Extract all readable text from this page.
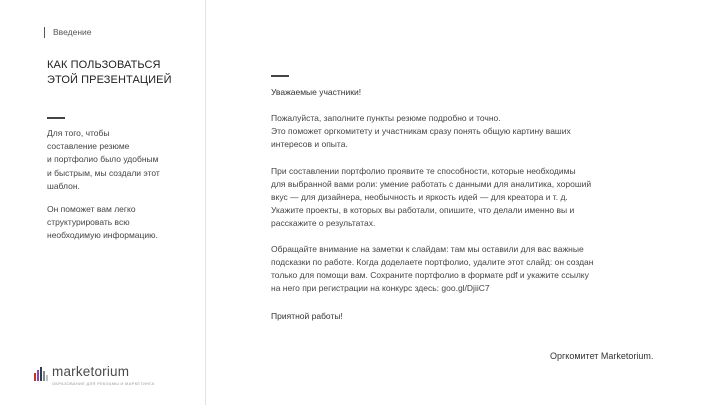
Введение
КАК ПОЛЬЗОВАТЬСЯ
ЭТОЙ ПРЕЗЕНТАЦИЕЙ
Для того, чтобы
составление резюме
и портфолио было удобным
и быстрым, мы создали этот
шаблон.
Он поможет вам легко
структурировать всю
необходимую информацию.
marketorium
ОБРАЗОВАНИЕ ДЛЯ РЕКЛАМЫ И МАРКЕТИНГА
Уважаемые участники!
Пожалуйста, заполните пункты резюме подробно и точно.
Это поможет оргкомитету и участникам сразу понять общую картину ваших
интересов и опыта.
При составлении портфолио проявите те способности, которые необходимы
для выбранной вами роли: умение работать с данными для аналитика, хороший
вкус — для дизайнера, необычность и яркость идей — для креатора и т. д.
Укажите проекты, в которых вы работали, опишите, что делали именно вы и
расскажите о результатах.
Обращайте внимание на заметки к слайдам: там мы оставили для вас важные
подсказки по работе. Когда доделаете портфолио, удалите этот слайд: он создан
только для помощи вам. Сохраните портфолио в формате pdf и укажите ссылку
на него при регистрации на конкурс здесь: goo.gl/DjiiC7
Приятной работы!
Оргкомитет Marketorium.
